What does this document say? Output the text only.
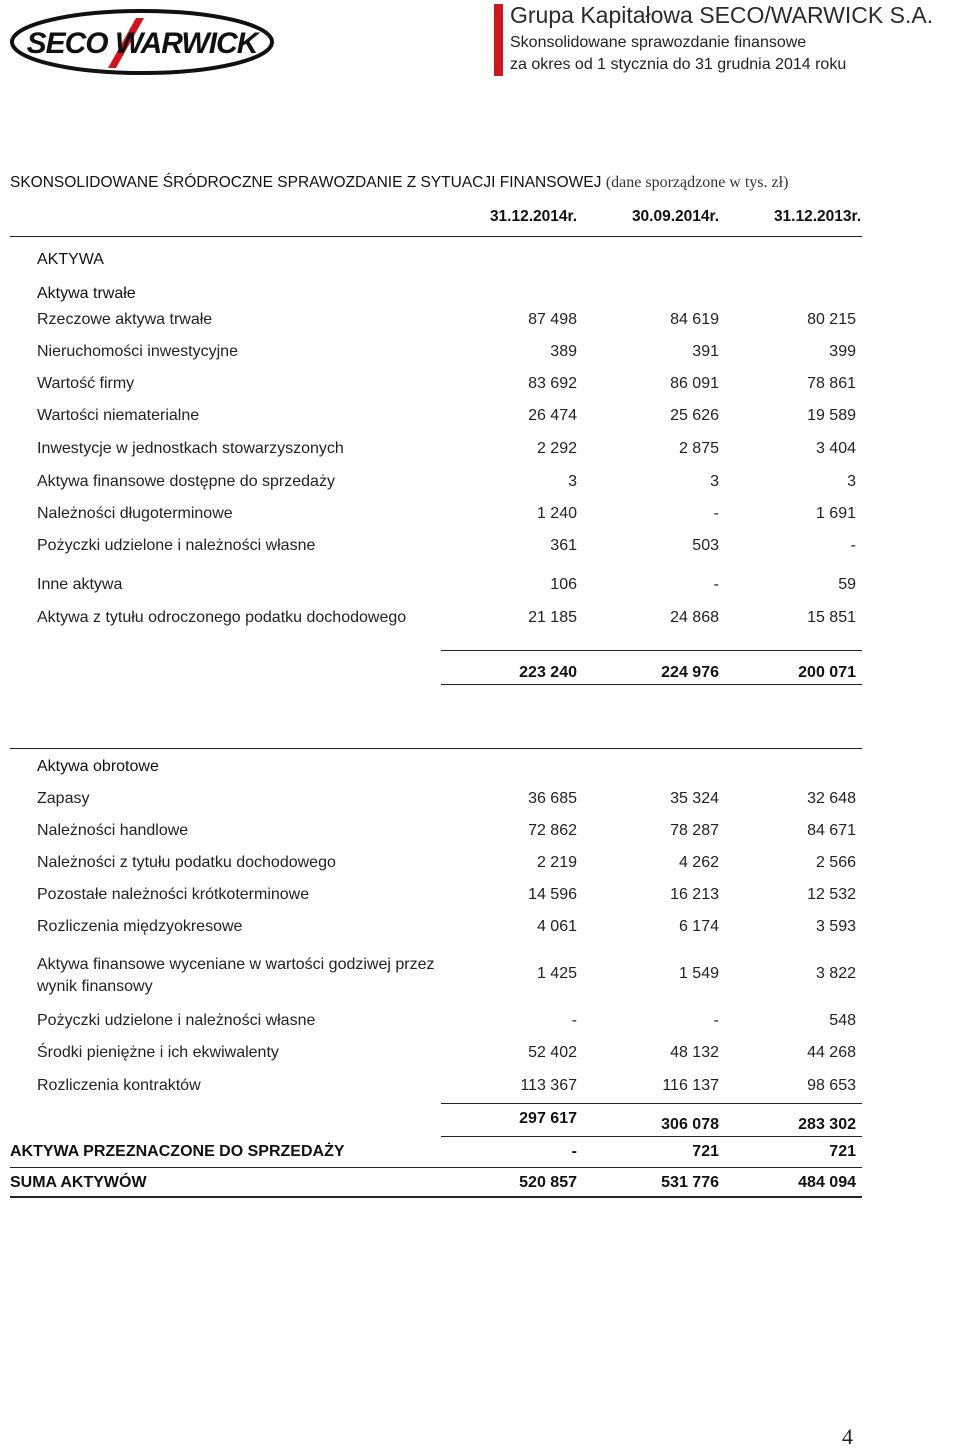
SECO WARWICK
Grupa Kapitałowa SECO/WARWICK S.A.
Skonsolidowane sprawozdanie finansowe
za okres od 1 stycznia do 31 grudnia 2014 roku
SKONSOLIDOWANE ŚRÓDROCZNE SPRAWOZDANIE Z SYTUACJI FINANSOWEJ (dane sporządzone w tys. zł)
31.12.2014r.	30.09.2014r.	31.12.2013r.
AKTYWA
Aktywa trwałe
Rzeczowe aktywa trwałe	87 498	84 619	80 215
Nieruchomości inwestycyjne	389	391	399
Wartość firmy	83 692	86 091	78 861
Wartości niematerialne	26 474	25 626	19 589
Inwestycje w jednostkach stowarzyszonych	2 292	2 875	3 404
Aktywa finansowe dostępne do sprzedaży	3	3	3
Należności długoterminowe	1 240	-	1 691
Pożyczki udzielone i należności własne	361	503	-
Inne aktywa	106	-	59
Aktywa z tytułu odroczonego podatku dochodowego	21 185	24 868	15 851
223 240	224 976	200 071
Aktywa obrotowe
Zapasy	36 685	35 324	32 648
Należności handlowe	72 862	78 287	84 671
Należności z tytułu podatku dochodowego	2 219	4 262	2 566
Pozostałe należności krótkoterminowe	14 596	16 213	12 532
Rozliczenia międzyokresowe	4 061	6 174	3 593
Aktywa finansowe wyceniane w wartości godziwej przez
wynik finansowy
1 425	1 549	3 822
Pożyczki udzielone i należności własne	-	-	548
Środki pieniężne i ich ekwiwalenty	52 402	48 132	44 268
Rozliczenia kontraktów	113 367	116 137	98 653
297 617	306 078	283 302
AKTYWA PRZEZNACZONE DO SPRZEDAŻY	-	721	721
SUMA AKTYWÓW	520 857	531 776	484 094
4
